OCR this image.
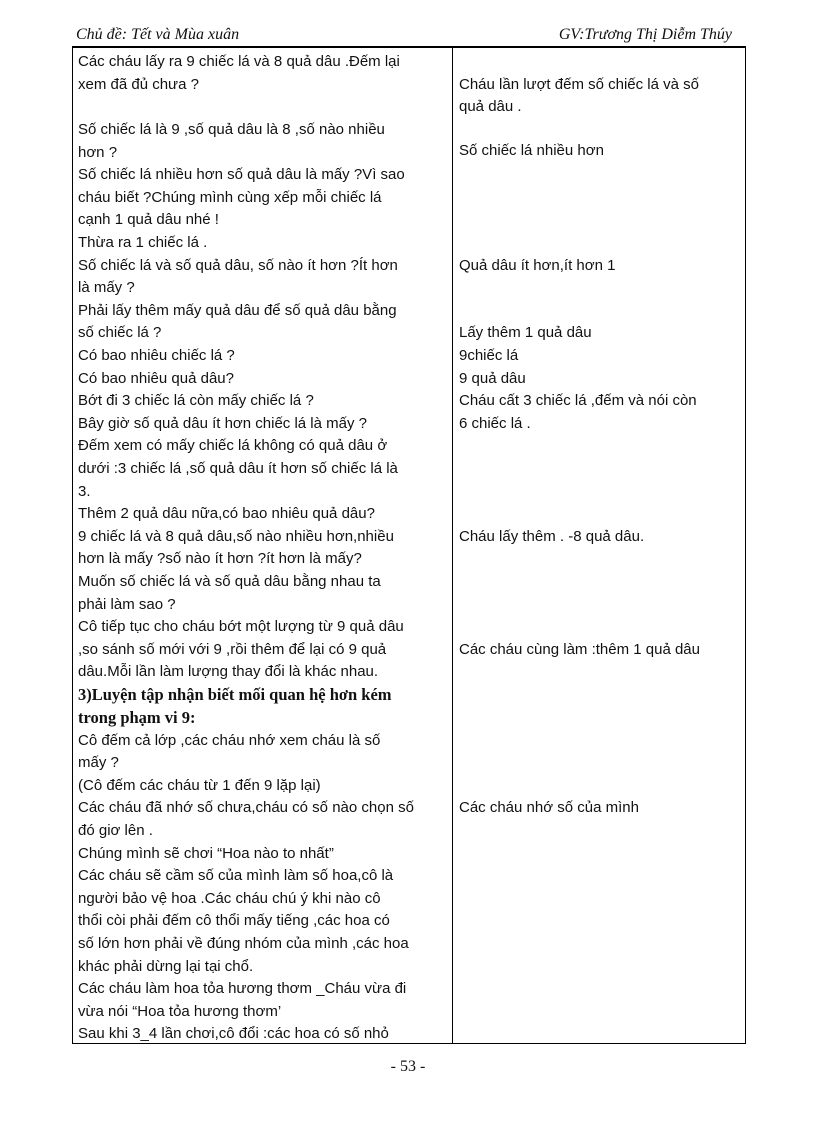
Chủ đề: Tết và Mùa xuân	GV:Trương Thị Diễm Thúy
Các cháu lấy ra 9 chiếc lá và 8 quả dâu .Đếm lại
xem đã đủ chưa ?
Số chiếc lá là 9 ,số quả dâu là 8 ,số nào nhiều
hơn ?
Số chiếc lá nhiều hơn số quả dâu là mấy ?Vì sao
cháu biết ?Chúng mình cùng xếp mỗi chiếc lá
cạnh 1 quả dâu nhé !
Thừa ra 1 chiếc lá .
Số chiếc lá và số quả dâu, số nào ít hơn ?Ít hơn
là mấy ?
Phải lấy thêm mấy quả dâu để số quả dâu bằng
số chiếc lá ?
Có bao nhiêu chiếc lá ?
Có bao nhiêu quả dâu?
Bớt đi 3 chiếc lá còn mấy chiếc lá ?
Bây giờ số quả dâu ít hơn chiếc lá là mấy ?
Đếm xem có mấy chiếc lá không có quả dâu ở
dưới :3 chiếc lá ,số quả dâu ít hơn số chiếc lá là
3.
Thêm 2 quả dâu nữa,có bao nhiêu quả dâu?
9 chiếc lá và 8 quả dâu,số nào nhiều hơn,nhiều
hơn là mấy ?số nào ít hơn ?ít hơn là mấy?
Muốn số chiếc lá và số quả dâu bằng nhau ta
phải làm sao ?
Cô tiếp tục cho cháu bớt một lượng từ 9 quả dâu
,so sánh số mới với 9 ,rồi thêm để lại có 9 quả
dâu.Mỗi lần làm lượng thay đổi là khác nhau.
3)Luyện tập nhận biết mối quan hệ hơn kém
trong phạm vi 9:
Cô đếm cả lớp ,các cháu nhớ xem cháu là số
mấy ?
(Cô đếm các cháu từ 1 đến 9 lặp lại)
Các cháu đã nhớ số chưa,cháu có số nào chọn số
đó giơ lên .
Chúng mình sẽ chơi “Hoa nào to nhất”
Các cháu sẽ cầm số của mình làm số hoa,cô là
người bảo vệ hoa .Các cháu chú ý khi nào cô
thổi còi phải đếm cô thổi mấy tiếng ,các hoa có
số lớn hơn phải về đúng nhóm của mình ,các hoa
khác phải dừng lại tại chổ.
Các cháu làm hoa tỏa hương thơm _Cháu vừa đi
vừa nói “Hoa tỏa hương thơm’
Sau khi 3_4 lần chơi,cô đổi :các hoa có số nhỏ
Cháu lần lượt đếm số chiếc lá và số
quả dâu .
Số chiếc lá nhiều hơn
Quả dâu ít hơn,ít hơn 1
Lấy thêm 1 quả dâu
9chiếc lá
9 quả dâu
Cháu cất 3 chiếc lá ,đếm và nói còn
6 chiếc lá .
Cháu lấy thêm . -8 quả dâu.
Các cháu cùng làm :thêm 1 quả dâu
Các cháu nhớ số của mình
- 53 -
